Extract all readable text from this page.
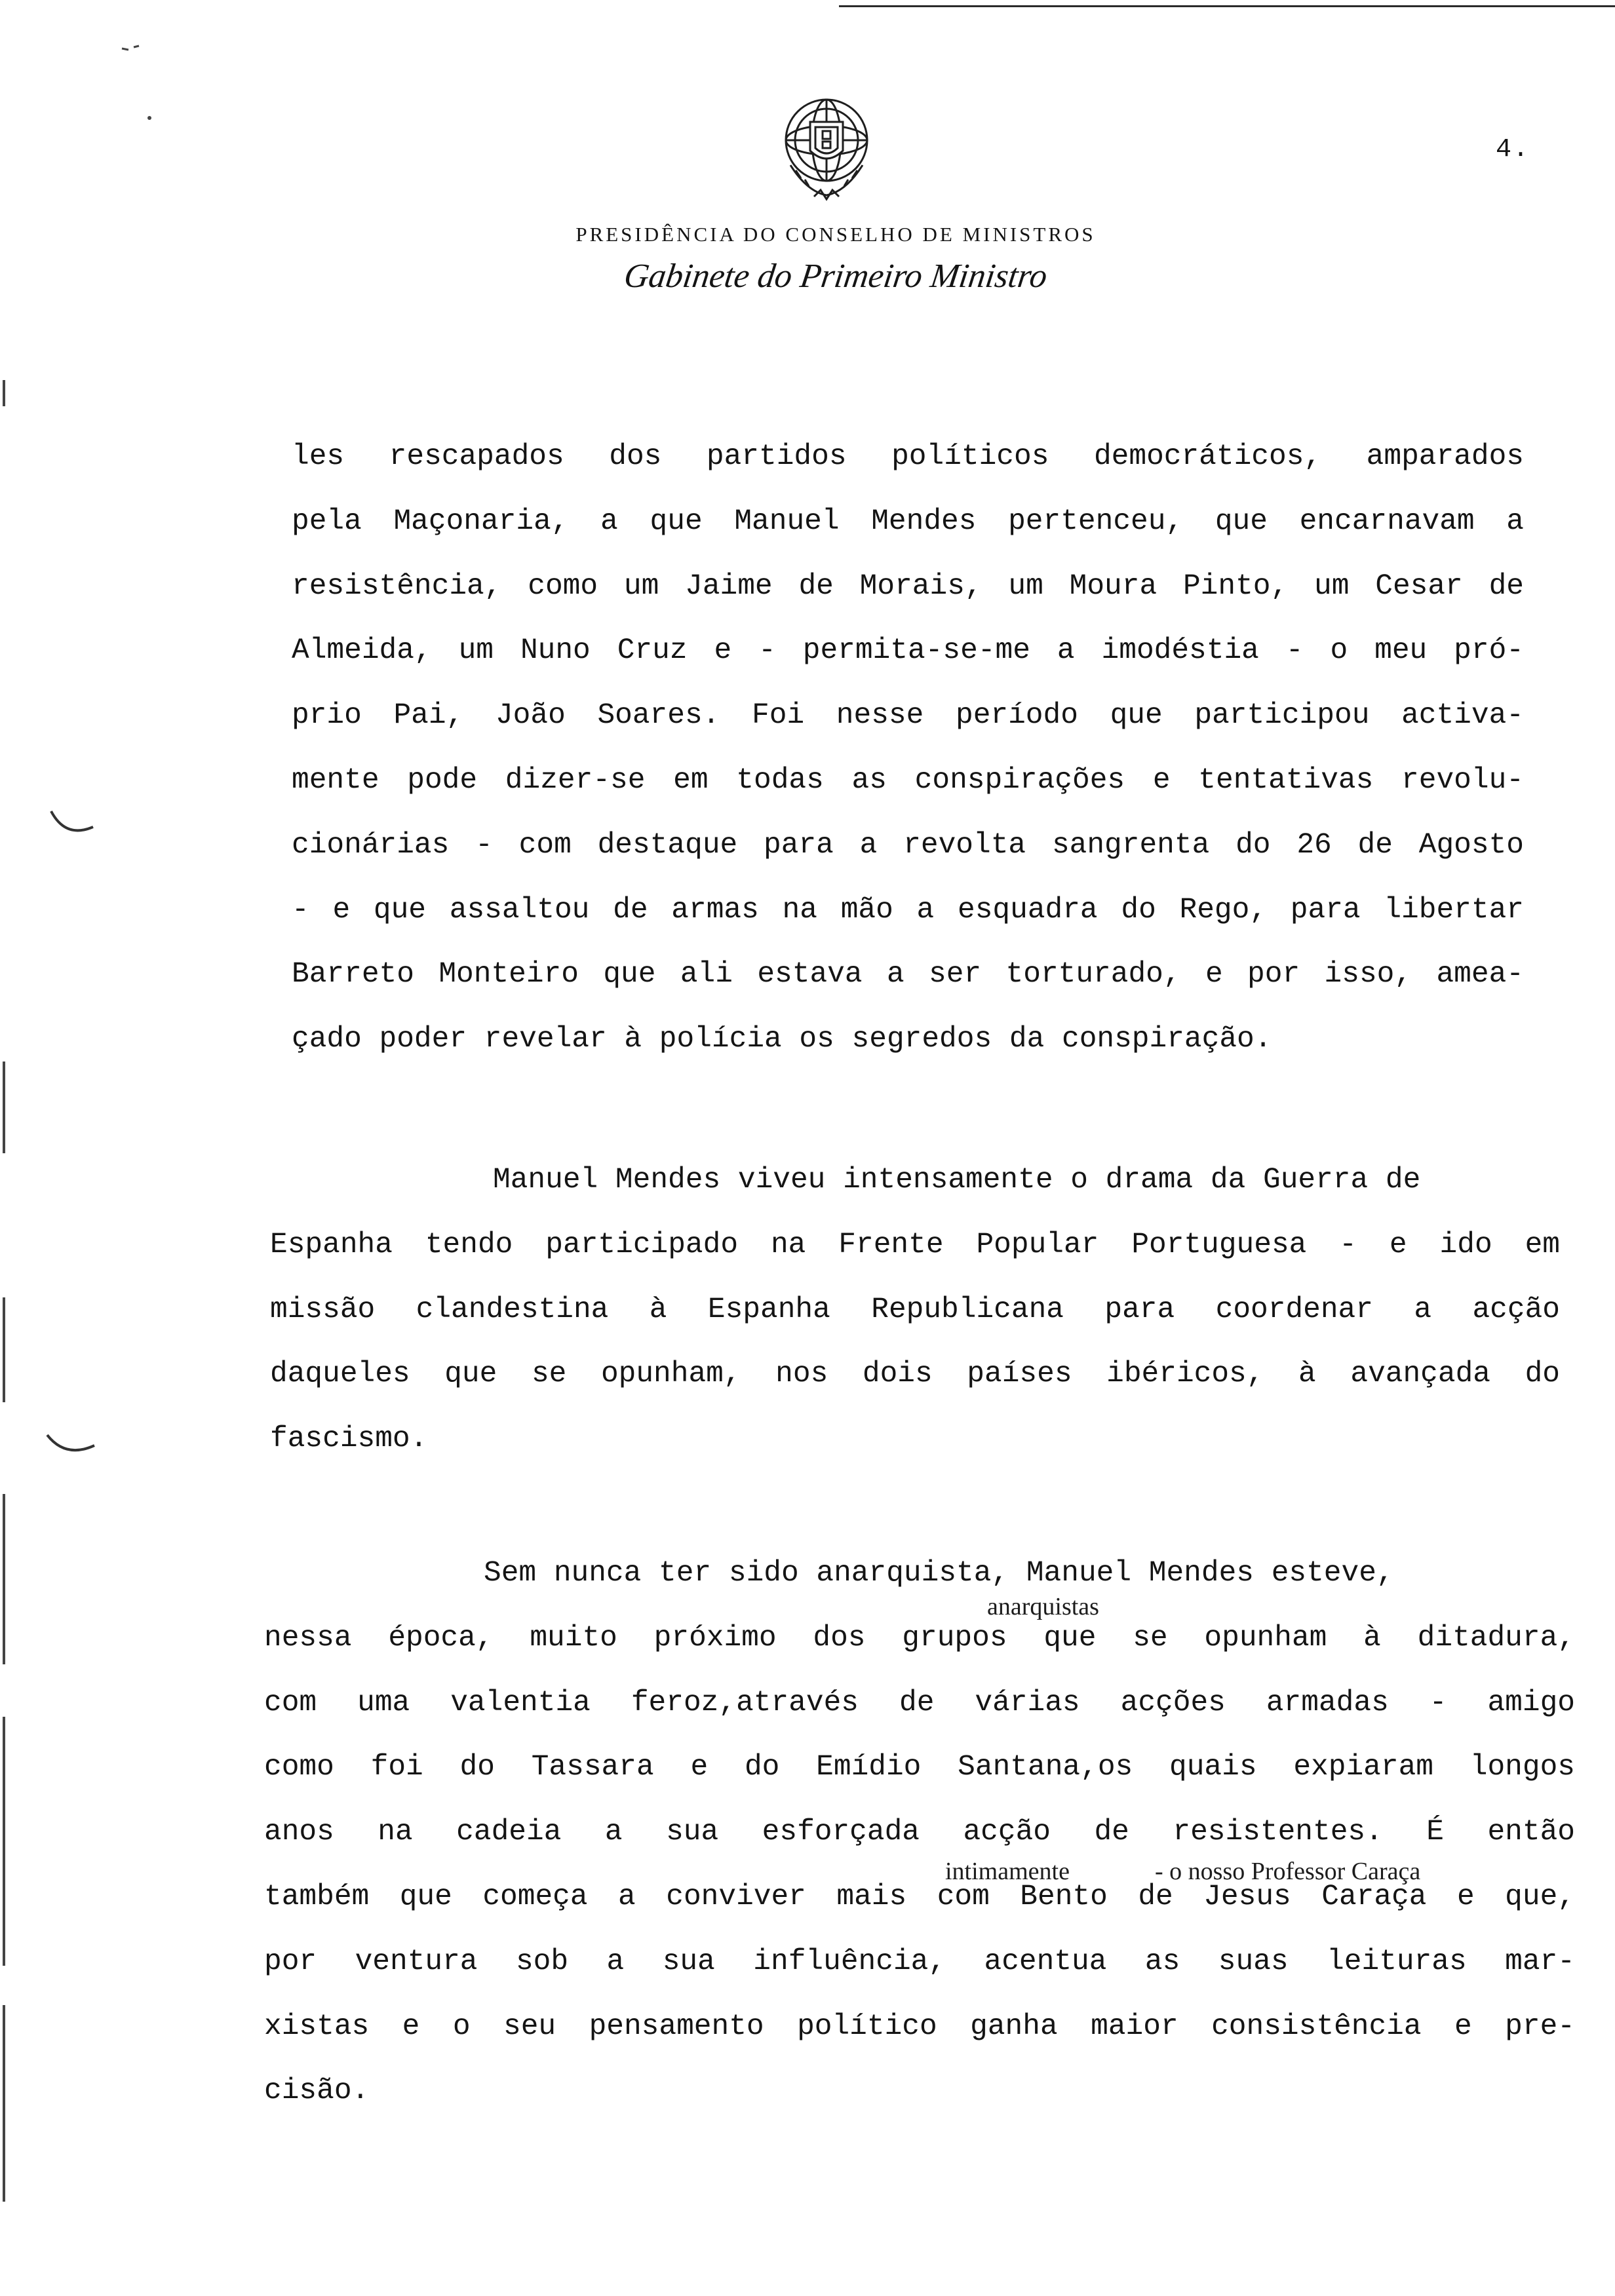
4.
PRESIDÊNCIA DO CONSELHO DE MINISTROS
Gabinete do Primeiro Ministro
les rescapados dos partidos políticos democráticos, amparados
pela Maçonaria, a que Manuel Mendes pertenceu, que encarnavam a
resistência, como um Jaime de Morais, um Moura Pinto, um Cesar de
Almeida, um Nuno Cruz e - permita-se-me a imodéstia - o meu pró-
prio Pai, João Soares. Foi nesse período que participou activa-
mente pode dizer-se em todas as conspirações e tentativas revolu-
cionárias - com destaque para a revolta sangrenta do 26 de Agosto
- e que assaltou de armas na mão a esquadra do Rego, para libertar
Barreto Monteiro que ali estava a ser torturado, e por isso, amea-
çado poder revelar à polícia os segredos da conspiração.
Manuel Mendes viveu intensamente o drama da Guerra de
Espanha tendo participado na Frente Popular Portuguesa - e ido em
missão clandestina à Espanha Republicana para coordenar a acção
daqueles que se opunham, nos dois países ibéricos, à avançada do
fascismo.
Sem nunca ter sido anarquista, Manuel Mendes esteve,
nessa época, muito próximo dos grupos que se opunham à ditadura,
com uma valentia feroz,através de várias acções armadas - amigo
como foi do Tassara e do Emídio Santana,os quais expiaram longos
anos na cadeia a sua esforçada acção de resistentes. É então
também que começa a conviver mais com Bento de Jesus Caraça e que,
por ventura sob a sua influência, acentua as suas leituras mar-
xistas e o seu pensamento político ganha maior consistência e pre-
cisão.
anarquistas
intimamente	- o nosso Professor Caraça
